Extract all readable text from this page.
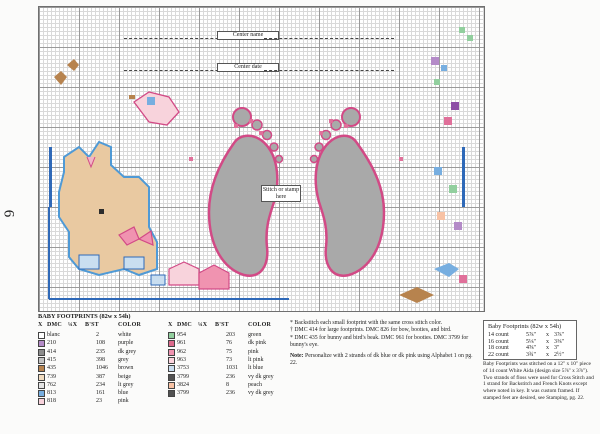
6
Center name
Center date
Stitch or stamp here
BABY FOOTPRINTS (82w x 54h)
X DMC ¼X B'ST	COLOR	X DMC ¼X B'ST	COLOR
blanc	2	white
210	108 purple
414	235 dk grey
415	398 grey
435	1046 brown
739	387 beige
762	234 lt grey
813	161 blue
818	23	pink
954	203 green
961	76	dk pink
962	75	pink
963	73	lt pink
3753	1031 lt blue
3799	236 vy dk grey
3824	8	peach
3799	236 vy dk grey
* Backstitch each small footprint with the same cross stitch color.
† DMC 414 for large footprints. DMC 826 for bow, booties, and bird.
* DMC 435 for bunny and bird's beak. DMC 961 for booties. DMC 3799 for bunny's eye.
Note: Personalize with 2 strands of dk blue or dk pink using Alphabet 1 on pg. 22.
Baby Footprints (82w x 54h)
14 count	5⅞" x 3⅞"
16 count	5⅛" x 3⅜"
18 count	4⅝" x 3"
22 count	3¾" x 2½"
Baby Footprints was stitched on a 12" x 10" piece of 14 count White Aida (design size 5⅞" x 3⅞"). Two strands of floss were used for Cross Stitch and 1 strand for Backstitch and French Knots except where noted in key. It was custom framed. If stamped feet are desired, see Stamping, pg. 22.
